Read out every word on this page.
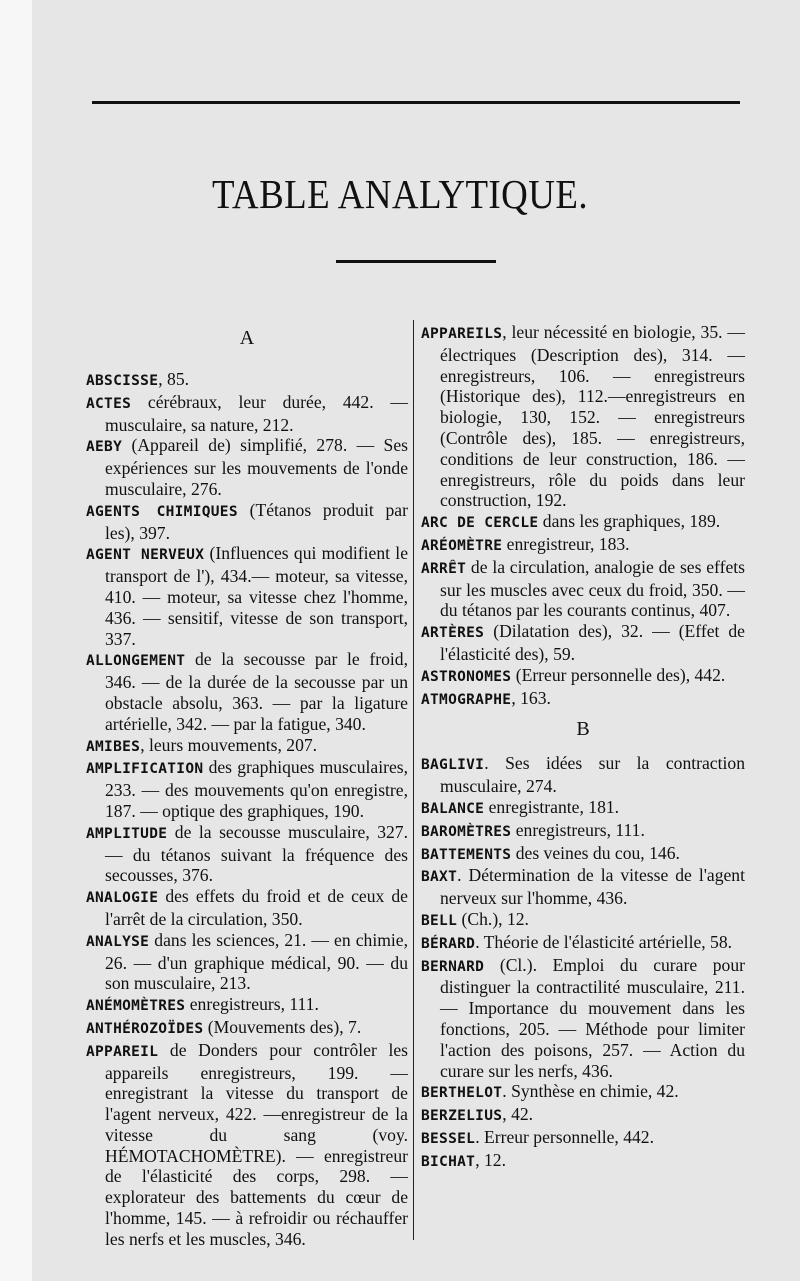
TABLE ANALYTIQUE.
A

ABSCISSE, 85.

ACTES cérébraux, leur durée, 442. — musculaire, sa nature, 212.

AEBY (Appareil de) simplifié, 278. — Ses expériences sur les mouvements de l'onde musculaire, 276.

AGENTS CHIMIQUES (Tétanos produit par les), 397.

AGENT NERVEUX (Influences qui modifient le transport de l'), 434.— moteur, sa vitesse, 410. — moteur, sa vitesse chez l'homme, 436. — sensitif, vitesse de son transport, 337.

ALLONGEMENT de la secousse par le froid, 346. — de la durée de la secousse par un obstacle absolu, 363. — par la ligature artérielle, 342. — par la fatigue, 340.

AMIBES, leurs mouvements, 207.

AMPLIFICATION des graphiques musculaires, 233. — des mouvements qu'on enregistre, 187. — optique des graphiques, 190.

AMPLITUDE de la secousse musculaire, 327. — du tétanos suivant la fréquence des secousses, 376.

ANALOGIE des effets du froid et de ceux de l'arrêt de la circulation, 350.

ANALYSE dans les sciences, 21. — en chimie, 26. — d'un graphique médical, 90. — du son musculaire, 213.

ANÉMOMÈTRES enregistreurs, 111.

ANTHÉROZOÏDES (Mouvements des), 7.

APPAREIL de Donders pour contrôler les appareils enregistreurs, 199. — enregistrant la vitesse du transport de l'agent nerveux, 422. —enregistreur de la vitesse du sang (voy. HÉMOTACHOMÈTRE). — enregistreur de l'élasticité des corps, 298. — explorateur des battements du cœur de l'homme, 145. — à refroidir ou réchauffer les nerfs et les muscles, 346.

APPAREILS, leur nécessité en biologie, 35. — électriques (Description des), 314. — enregistreurs, 106. — enregistreurs (Historique des), 112.—enregistreurs en biologie, 130, 152. — enregistreurs (Contrôle des), 185. — enregistreurs, conditions de leur construction, 186. — enregistreurs, rôle du poids dans leur construction, 192.

ARC DE CERCLE dans les graphiques, 189.

ARÉOMÈTRE enregistreur, 183.

ARRÊT de la circulation, analogie de ses effets sur les muscles avec ceux du froid, 350. — du tétanos par les courants continus, 407.

ARTÈRES (Dilatation des), 32. — (Effet de l'élasticité des), 59.

ASTRONOMES (Erreur personnelle des), 442.

ATMOGRAPHE, 163.

B

BAGLIVI. Ses idées sur la contraction musculaire, 274.

BALANCE enregistrante, 181.

BAROMÈTRES enregistreurs, 111.

BATTEMENTS des veines du cou, 146.

BAXT. Détermination de la vitesse de l'agent nerveux sur l'homme, 436.

BELL (Ch.), 12.

BÉRARD. Théorie de l'élasticité artérielle, 58.

BERNARD (Cl.). Emploi du curare pour distinguer la contractilité musculaire, 211. — Importance du mouvement dans les fonctions, 205. — Méthode pour limiter l'action des poisons, 257. — Action du curare sur les nerfs, 436.

BERTHELOT. Synthèse en chimie, 42.

BERZELIUS, 42.

BESSEL. Erreur personnelle, 442.

BICHAT, 12.
